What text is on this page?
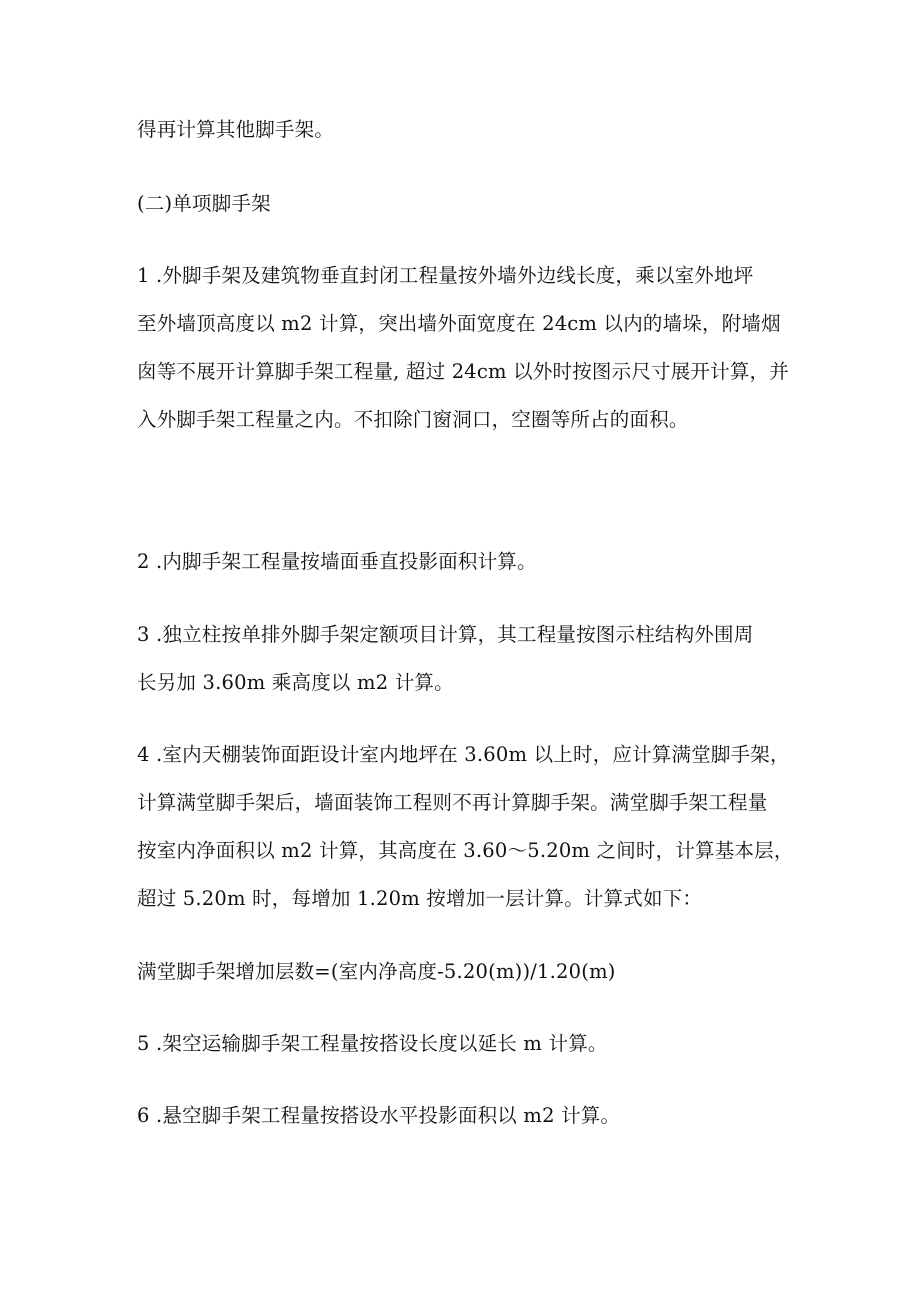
得再计算其他脚手架。
(二)单项脚手架
1 .外脚手架及建筑物垂直封闭工程量按外墙外边线长度，乘以室外地坪
至外墙顶高度以 m2 计算，突出墙外面宽度在 24cm 以内的墙垛，附墙烟
囱等不展开计算脚手架工程量, 超过 24cm 以外时按图示尺寸展开计算，并
入外脚手架工程量之内。不扣除门窗洞口，空圈等所占的面积。
2 .内脚手架工程量按墙面垂直投影面积计算。
3 .独立柱按单排外脚手架定额项目计算，其工程量按图示柱结构外围周
长另加 3.60m 乘高度以 m2 计算。
4 .室内天棚装饰面距设计室内地坪在 3.60m 以上时，应计算满堂脚手架，
计算满堂脚手架后，墙面装饰工程则不再计算脚手架。满堂脚手架工程量
按室内净面积以 m2 计算，其高度在 3.60～5.20m 之间时，计算基本层，
超过 5.20m 时，每增加 1.20m 按增加一层计算。计算式如下：
满堂脚手架增加层数=(室内净高度-5.20(m))/1.20(m)
5 .架空运输脚手架工程量按搭设长度以延长 m 计算。
6 .悬空脚手架工程量按搭设水平投影面积以 m2 计算。
